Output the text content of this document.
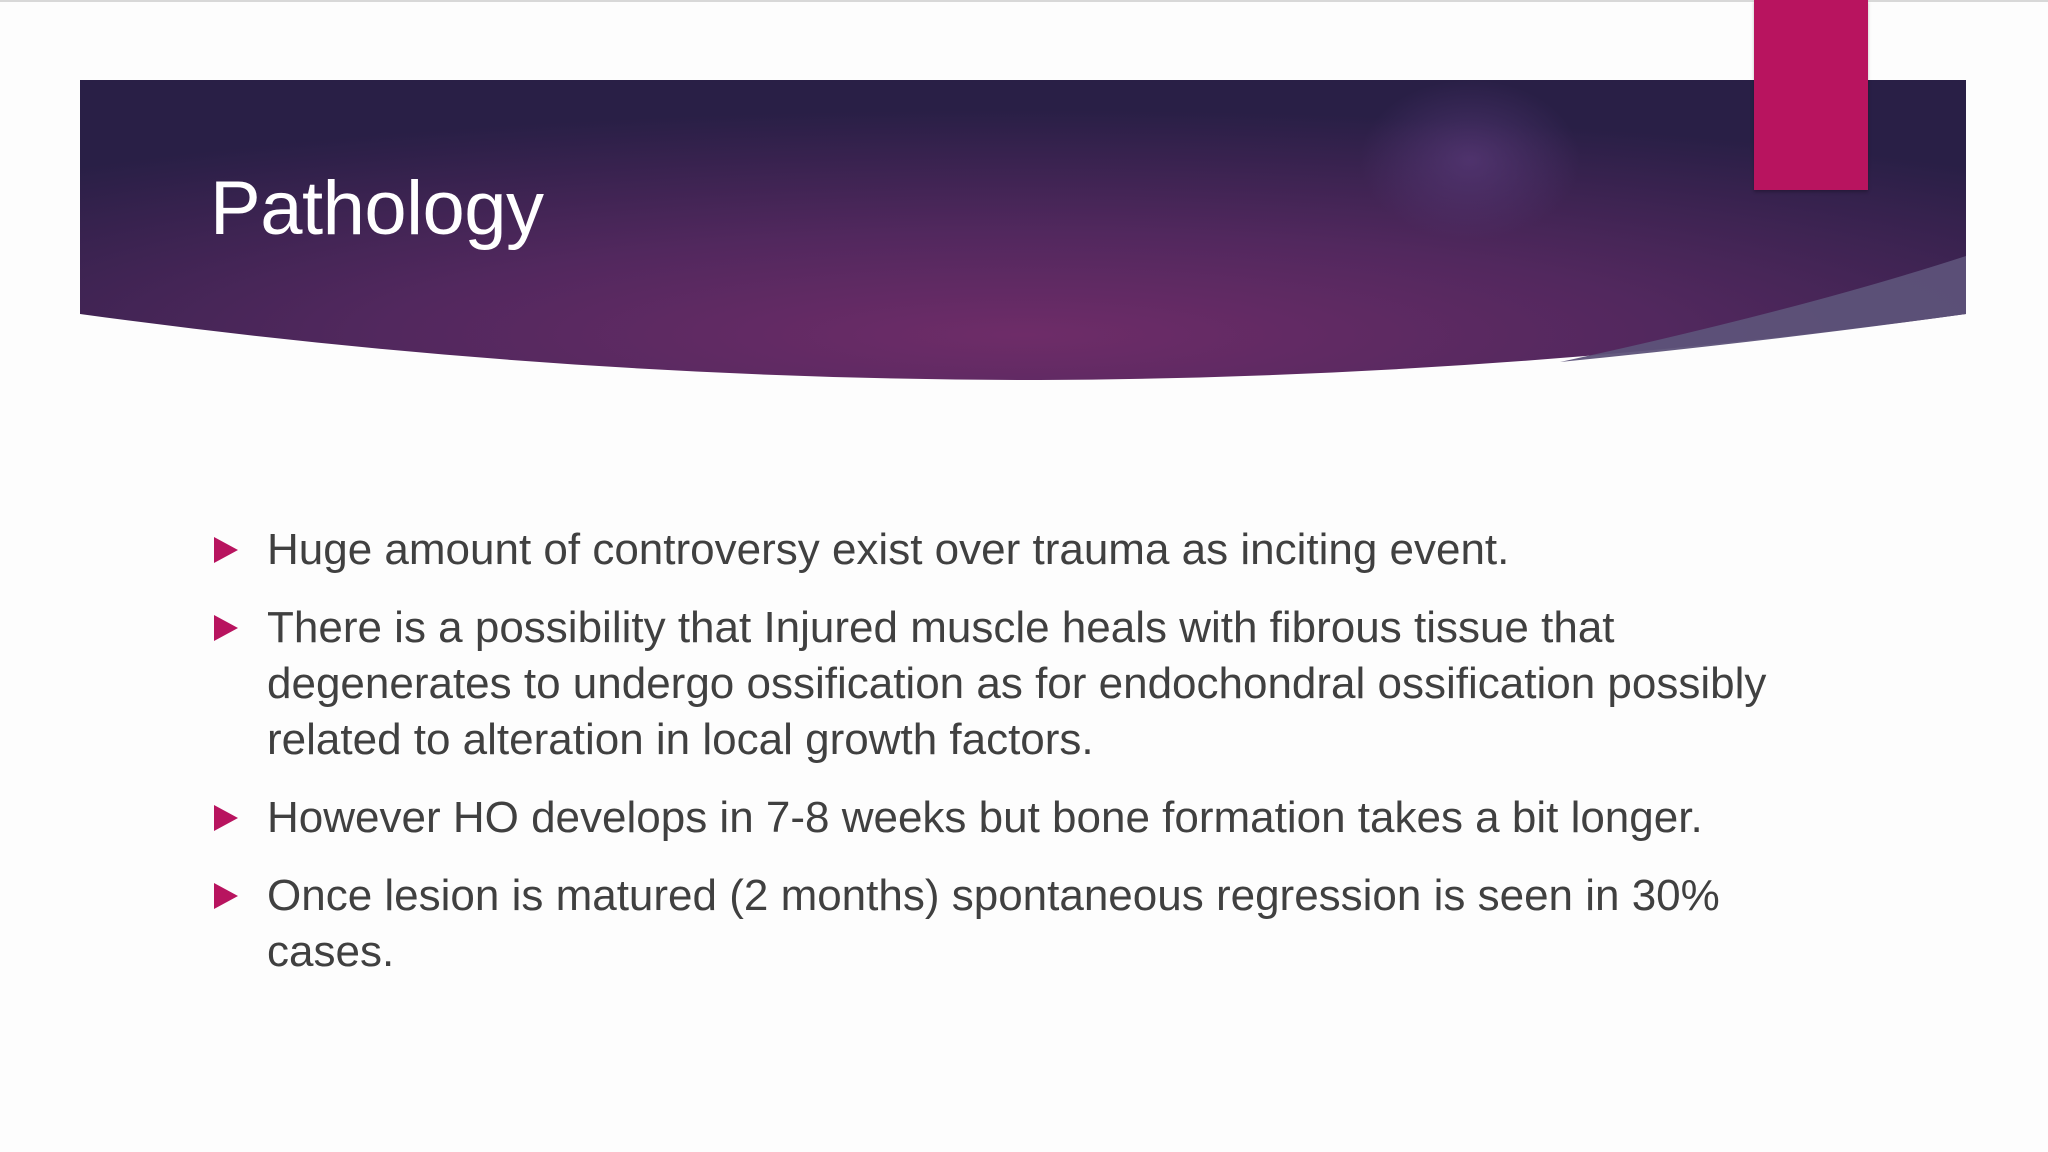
Pathology
Huge amount of controversy exist over trauma as inciting event.
There is a possibility that Injured muscle heals with fibrous tissue that degenerates to undergo ossification as for endochondral ossification possibly related to alteration in local growth factors.
However HO develops in 7-8 weeks but bone formation takes a bit longer.
Once lesion is matured (2 months) spontaneous regression is seen in 30% cases.
